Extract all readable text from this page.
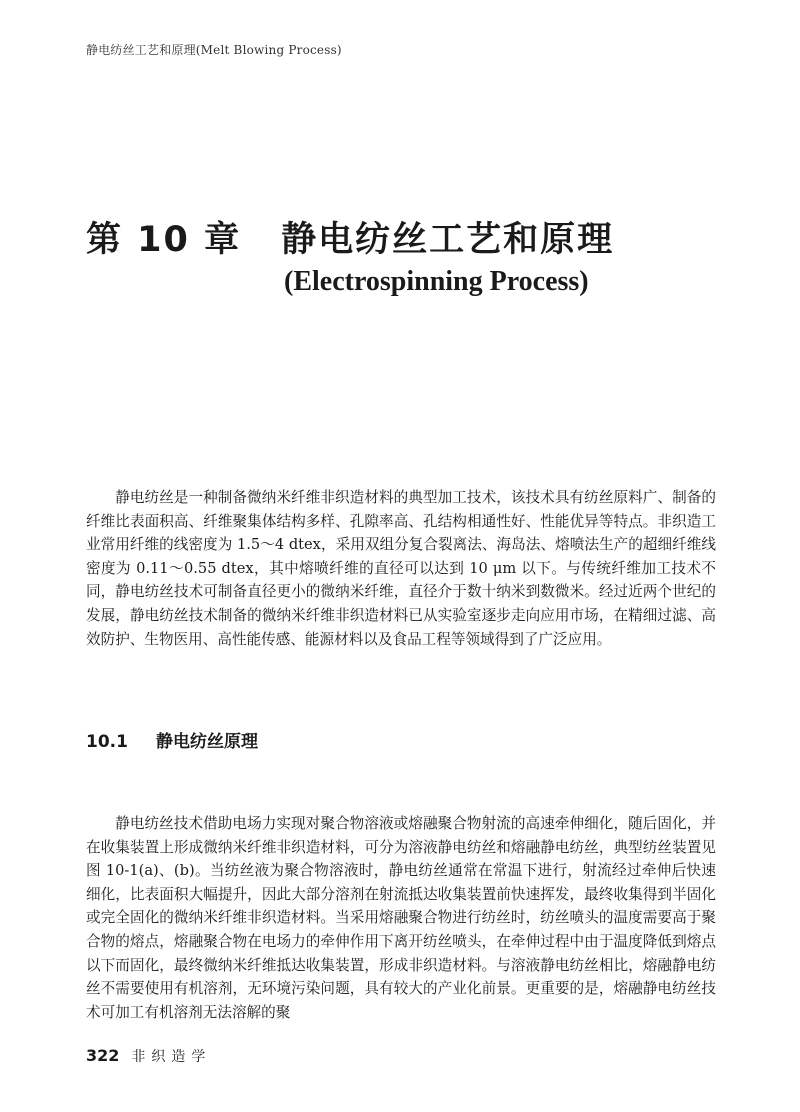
静电纺丝工艺和原理(Melt Blowing Process)
第 10 章 静电纺丝工艺和原理
(Electrospinning Process)

静电纺丝是一种制备微纳米纤维非织造材料的典型加工技术，该技术具有纺丝原料广、制备的纤维比表面积高、纤维聚集体结构多样、孔隙率高、孔结构相通性好、性能优异等特点。非织造工业常用纤维的线密度为 1.5～4 dtex，采用双组分复合裂离法、海岛法、熔喷法生产的超细纤维线密度为 0.11～0.55 dtex，其中熔喷纤维的直径可以达到 10 μm 以下。与传统纤维加工技术不同，静电纺丝技术可制备直径更小的微纳米纤维，直径介于数十纳米到数微米。经过近两个世纪的发展，静电纺丝技术制备的微纳米纤维非织造材料已从实验室逐步走向应用市场，在精细过滤、高效防护、生物医用、高性能传感、能源材料以及食品工程等领域得到了广泛应用。

10.1 静电纺丝原理

静电纺丝技术借助电场力实现对聚合物溶液或熔融聚合物射流的高速牵伸细化，随后固化，并在收集装置上形成微纳米纤维非织造材料，可分为溶液静电纺丝和熔融静电纺丝，典型纺丝装置见图 10-1(a)、(b)。当纺丝液为聚合物溶液时，静电纺丝通常在常温下进行，射流经过牵伸后快速细化，比表面积大幅提升，因此大部分溶剂在射流抵达收集装置前快速挥发，最终收集得到半固化或完全固化的微纳米纤维非织造材料。当采用熔融聚合物进行纺丝时，纺丝喷头的温度需要高于聚合物的熔点，熔融聚合物在电场力的牵伸作用下离开纺丝喷头，在牵伸过程中由于温度降低到熔点以下而固化，最终微纳米纤维抵达收集装置，形成非织造材料。与溶液静电纺丝相比，熔融静电纺丝不需要使用有机溶剂，无环境污染问题，具有较大的产业化前景。更重要的是，熔融静电纺丝技术可加工有机溶剂无法溶解的聚

322 非织造学
